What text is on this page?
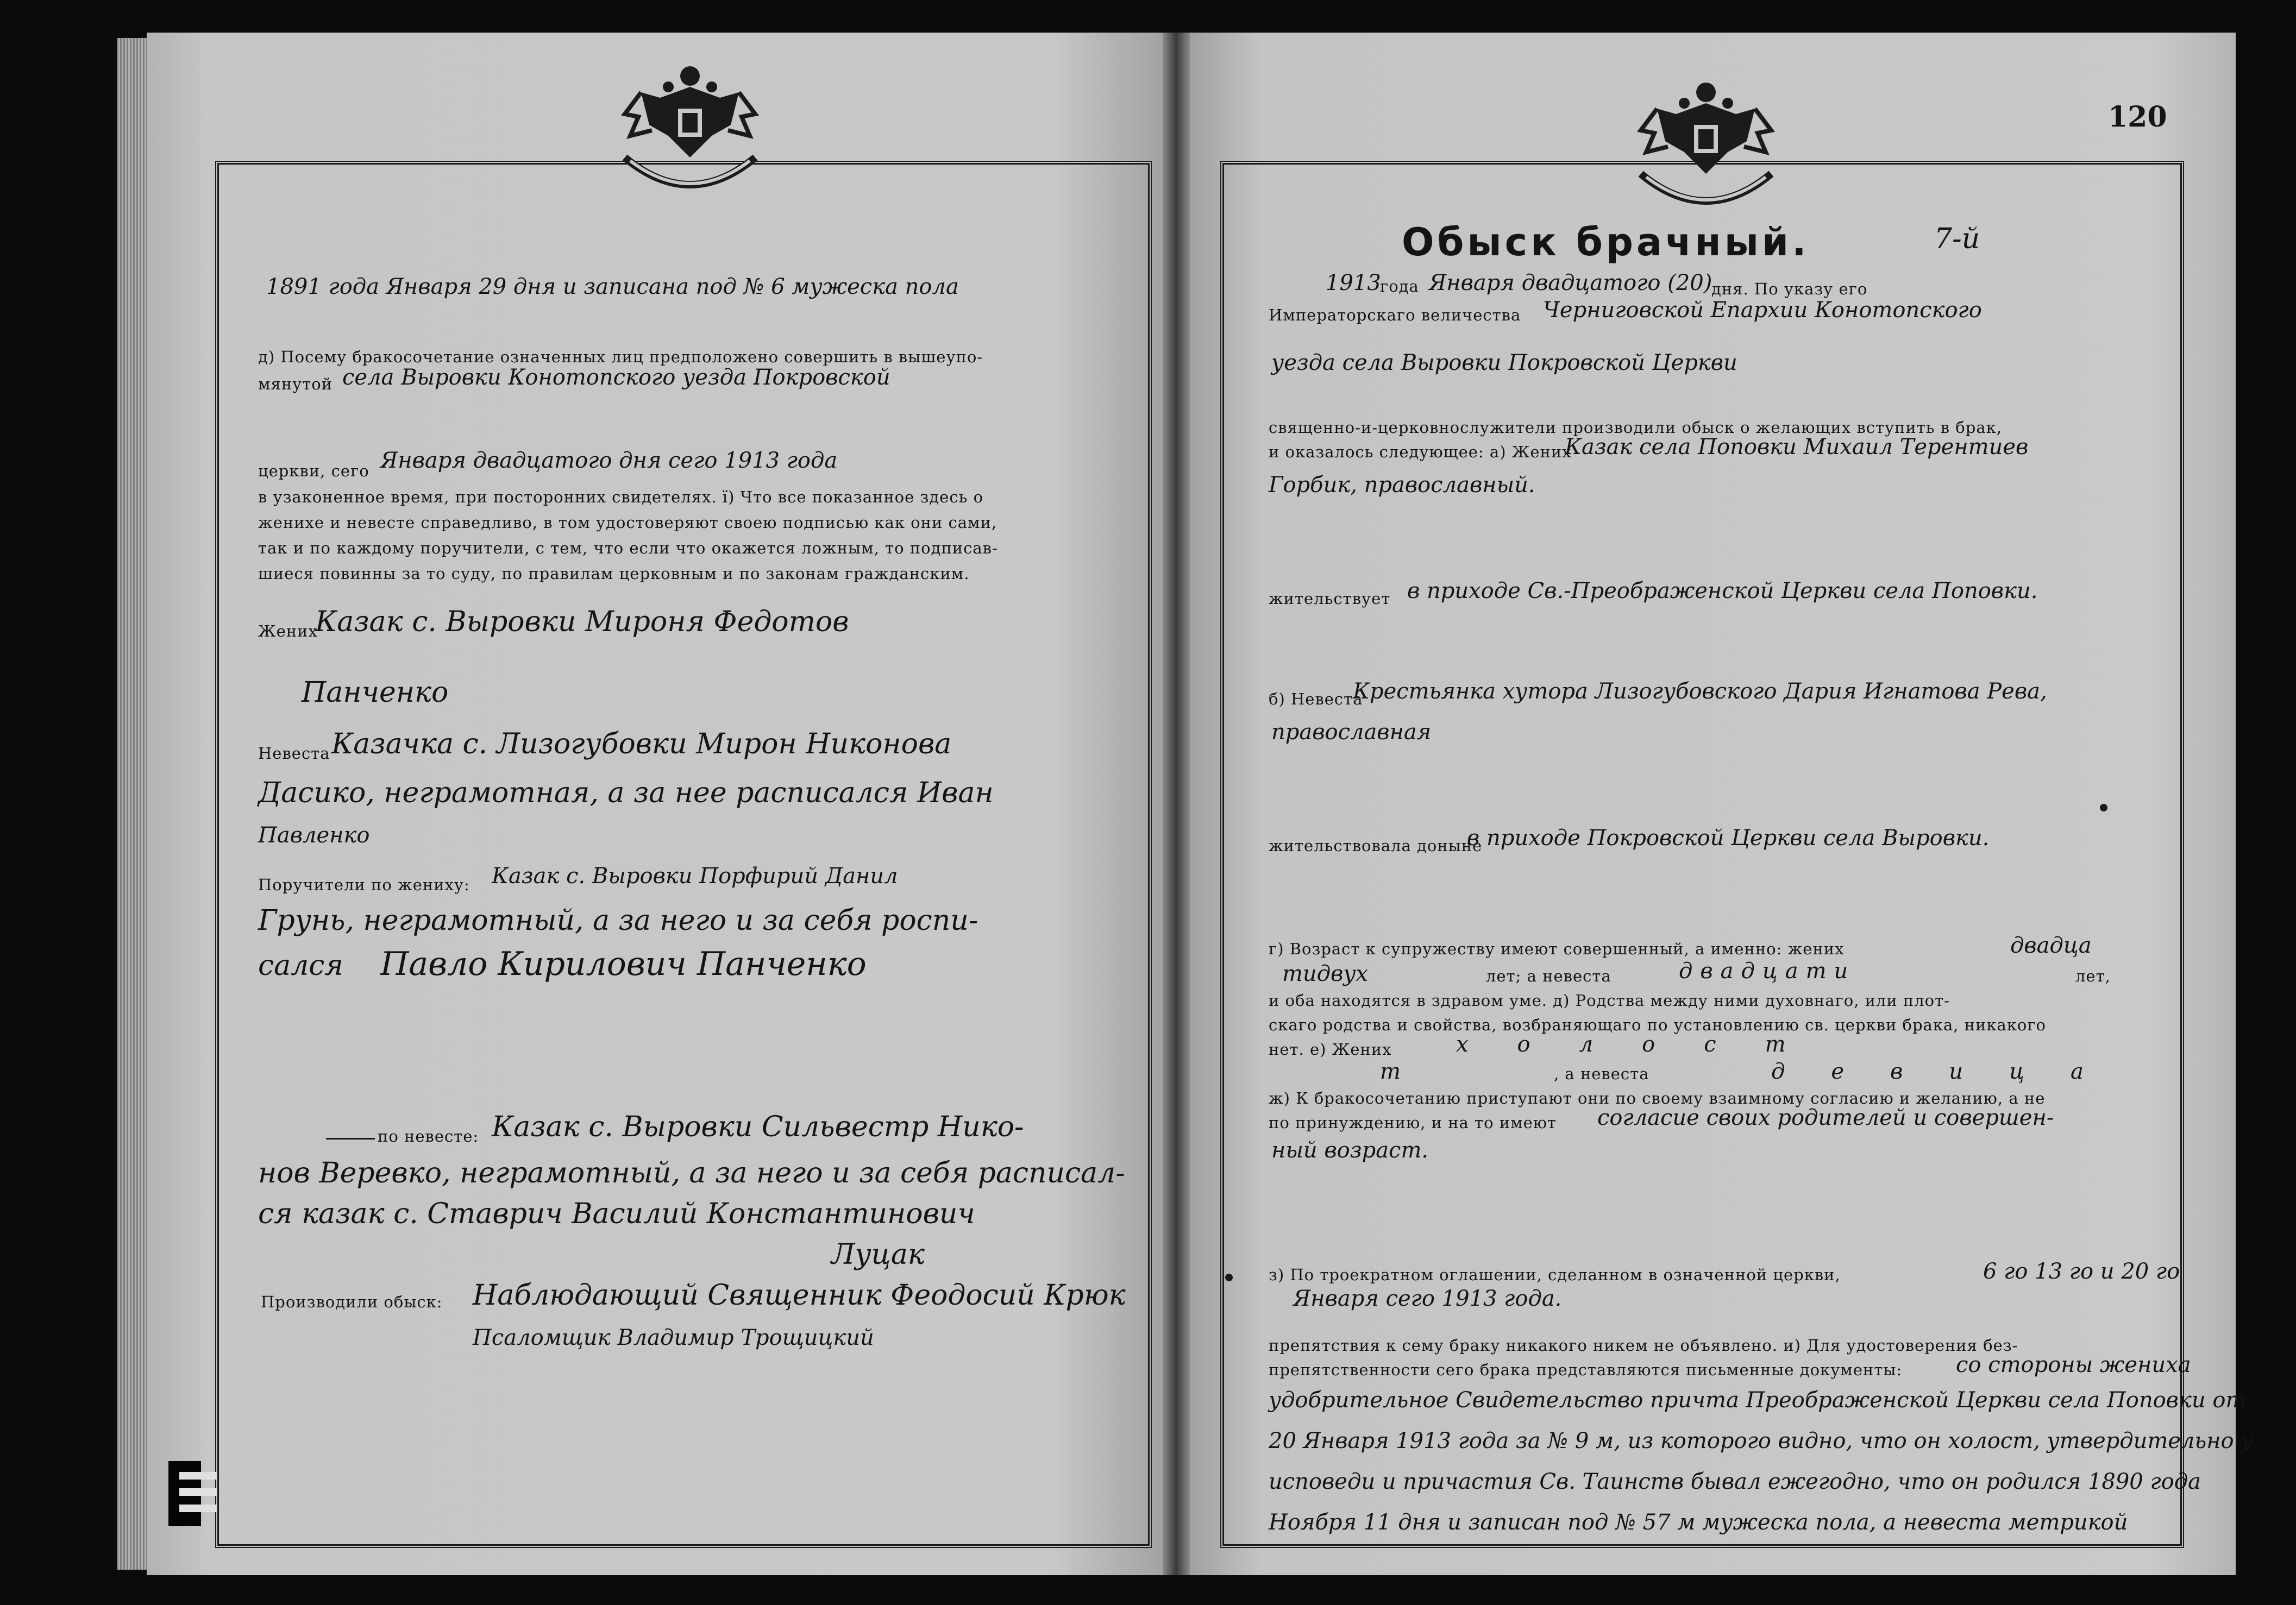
120
1891 года Января 29 дня и записана под № 6 мужеска пола
д) Посему бракосочетание означенных лиц предположено совершить в вышеупо-
мянутой села Выровки Конотопского уезда Покровской
церкви, сего Января двадцатого дня сего 1913 года
в узаконенное время, при посторонних свидетелях. ї) Что все показанное здесь о
женихе и невесте справедливо, в том удостоверяют своею подписью как они сами,
так и по каждому поручители, с тем, что если что окажется ложным, то подписав-
шиеся повинны за то суду, по правилам церковным и по законам гражданским.
Жених
Казак с. Выровки Мироня Федотов
Панченко
Невеста Казачка с. Лизогубовки Мирон Никонова
Дасико, неграмотная, а за нее расписался Иван
Павленко
Поручители по жениху: Казак с. Выровки Порфирий Данил
Грунь, неграмотный, а за него и за себя роспи-
сался Павло Кирилович Панченко
по невесте: Казак с. Выровки Сильвестр Нико-
нов Веревко, неграмотный, а за него и за себя расписал-
ся казак с. Ставрич Василий Константинович
Луцак
Производили обыск: Наблюдающий Священник Феодосий Крюк
Псаломщик Владимир Трощицкий
Обыск брачный.	7-й
1913
года Января двадцатого (20)
дня. По указу его
Императорскаго величества Черниговской Епархии Конотопского
уезда села Выровки Покровской Церкви
священно-и-церковнослужители производили обыск о желающих вступить в брак,
и оказалось следующее: а) Жених
Казак села Поповки Михаил Терентиев
Горбик, православный.
жительствует в приходе Св.-Преображенской Церкви села Поповки.
б) Невеста
Крестьянка хутора Лизогубовского Дария Игнатова Рева,
православная
жительствовала доныне
в приходе Покровской Церкви села Выровки.
г) Возраст к супружеству имеют совершенный, а именно: жених	двадца
тидвух	лет; а невеста	двадцати	лет,
и оба находятся в здравом уме. д) Родства между ними духовнаго, или плот-
скаго родства и свойства, возбраняющаго по установлению св. церкви брака, никакого
нет. е) Жених	холост
т	, а невеста	девица
ж) К бракосочетанию приступают они по своему взаимному согласию и желанию, а не
по принуждению, и на то имеют согласие своих родителей и совершен-
ный возраст.
з) По троекратном оглашении, сделанном в означенной церкви,	6 го 13 го и 20 го
Января сего 1913 года.
препятствия к сему браку никакого никем не объявлено. и) Для удостоверения без-
препятственности сего брака представляются письменные документы: со стороны жениха
удобрительное Свидетельство причта Преображенской Церкви села Поповки от
20 Января 1913 года за № 9 м, из которого видно, что он холост, утвердительно у
исповеди и причастия Св. Таинств бывал ежегодно, что он родился 1890 года
Ноября 11 дня и записан под № 57 м мужеска пола, а невеста метрикой
